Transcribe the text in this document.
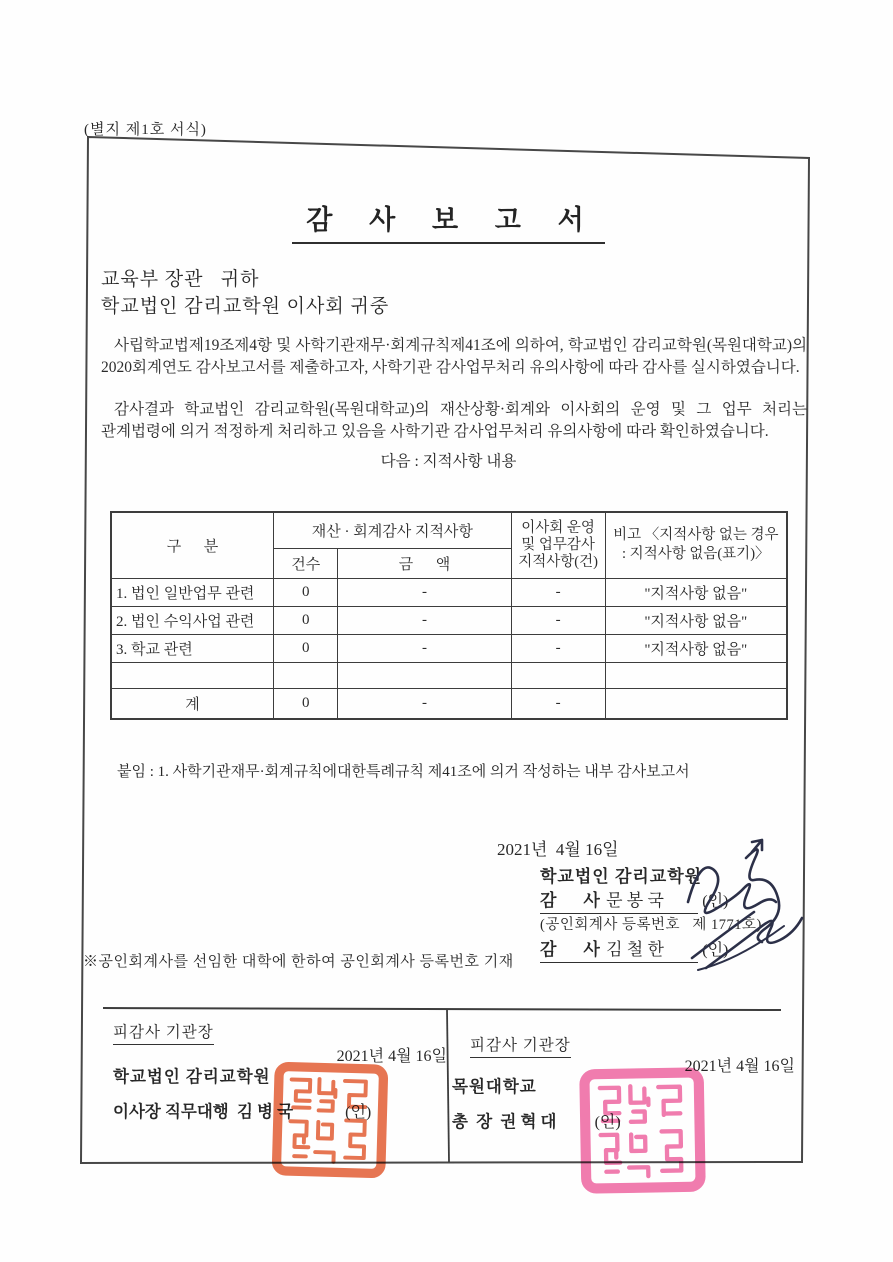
(별지 제1호 서식)
감 사 보 고 서
교육부 장관   귀하
학교법인 감리교학원 이사회 귀중
사립학교법제19조제4항 및 사학기관재무·회계규칙제41조에 의하여, 학교법인 감리교학원(목원대학교)의 2020회계연도 감사보고서를 제출하고자, 사학기관 감사업무처리 유의사항에 따라 감사를 실시하였습니다.
감사결과 학교법인 감리교학원(목원대학교)의 재산상황·회계와 이사회의 운영 및 그 업무 처리는 관계법령에 의거 적정하게 처리하고 있음을 사학기관 감사업무처리 유의사항에 따라 확인하였습니다.
다음 : 지적사항 내용
구      분	재산 · 회계감사 지적사항		이사회 운영 및 업무감사 지적사항(건)	비고 〈지적사항 없는 경우
: 지적사항 없음(표기)〉
	건수	금      액		
1. 법인 일반업무 관련	0	-	-	"지적사항 없음"
2. 법인 수익사업 관련	0	-	-	"지적사항 없음"
3. 학교 관련	0	-	-	"지적사항 없음"

계	0	-	-	
붙임 : 1. 사학기관재무·회계규칙에대한특례규칙 제41조에 의거 작성하는 내부 감사보고서
2021년  4월 16일
학교법인 감리교학원
감    사 문 봉 국 (인)
(공인회계사 등록번호   제 1771호)
감    사 김 철 한 (인)
※공인회계사를 선임한 대학에 한하여 공인회계사 등록번호 기재
피감사 기관장
2021년 4월 16일
학교법인 감리교학원
이사장 직무대행  김 병 국	(인)
피감사 기관장
2021년 4월 16일
목원대학교
총  장  권 혁 대 (인)
